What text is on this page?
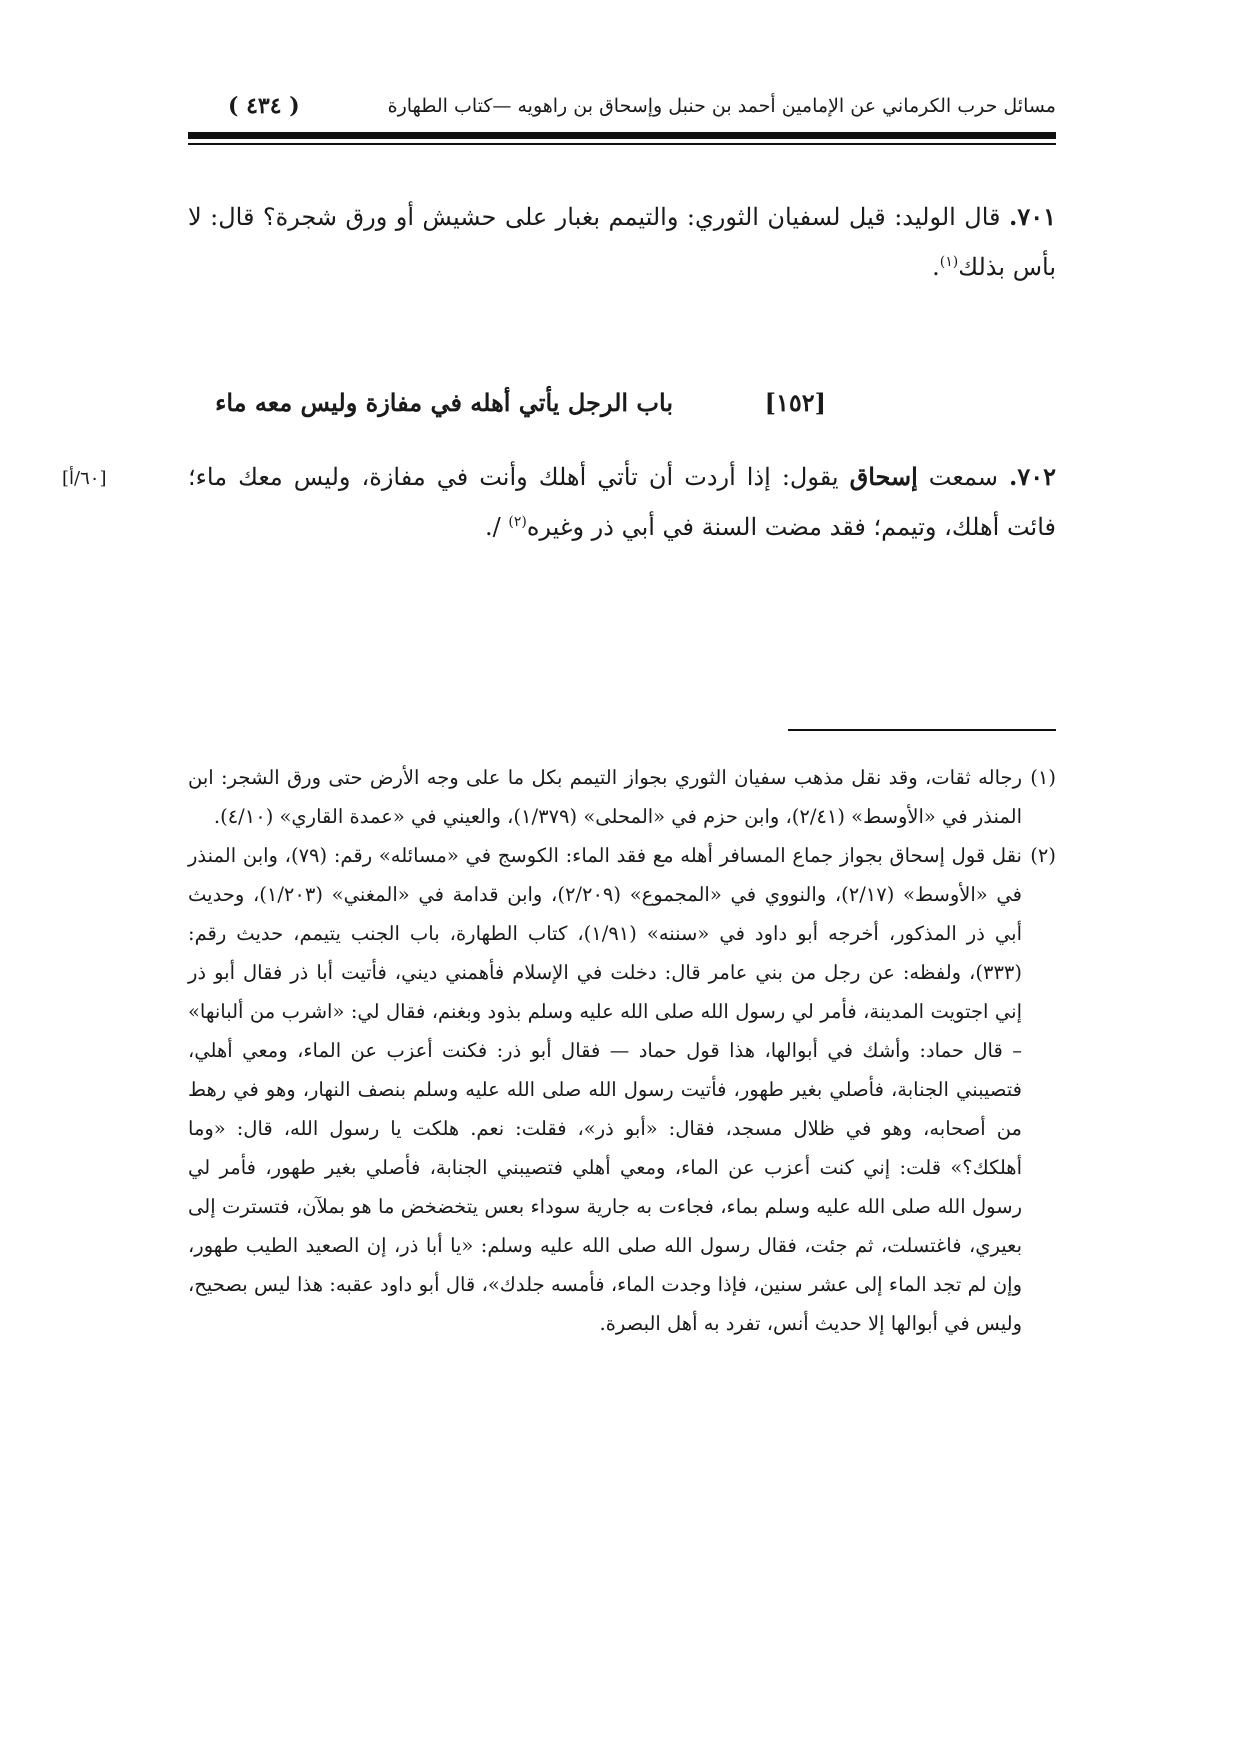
مسائل حرب الكرماني عن الإمامين أحمد بن حنبل وإسحاق بن راهويه —كتاب الطهارة
( ٤٣٤ )

٧٠١. قال الوليد: قيل لسفيان الثوري: والتيمم بغبار على حشيش أو ورق شجرة؟ قال: لا بأس بذلك$^{(١)}$.

[١٥٢]
باب الرجل يأتي أهله في مفازة وليس معه ماء
[٦٠/أ]	٧٠٢. سمعت إسحاق يقول: إذا أردت أن تأتي أهلك وأنت في مفازة، وليس معك ماء؛ فائت أهلك، وتيمم؛ فقد مضت السنة في أبي ذر وغيره$^{(٢)}$ /.

(١)رجاله ثقات، وقد نقل مذهب سفيان الثوري بجواز التيمم بكل ما على وجه الأرض حتى ورق الشجر: ابن المنذر في «الأوسط» (٢/٤١)، وابن حزم في «المحلى» (١/٣٧٩)، والعيني في «عمدة القاري» (٤/١٠).

(٢)نقل قول إسحاق بجواز جماع المسافر أهله مع فقد الماء: الكوسج في «مسائله» رقم: (٧٩)، وابن المنذر في «الأوسط» (٢/١٧)، والنووي في «المجموع» (٢/٢٠٩)، وابن قدامة في «المغني» (١/٢٠٣)، وحديث أبي ذر المذكور، أخرجه أبو داود في «سننه» (١/٩١)، كتاب الطهارة، باب الجنب يتيمم، حديث رقم: (٣٣٣)، ولفظه: عن رجل من بني عامر قال: دخلت في الإسلام فأهمني ديني، فأتيت أبا ذر فقال أبو ذر إني اجتويت المدينة، فأمر لي رسول الله صلى الله عليه وسلم بذود وبغنم، فقال لي: «اشرب من ألبانها» – قال حماد: وأشك في أبوالها، هذا قول حماد — فقال أبو ذر: فكنت أعزب عن الماء، ومعي أهلي، فتصيبني الجنابة، فأصلي بغير طهور، فأتيت رسول الله صلى الله عليه وسلم بنصف النهار، وهو في رهط من أصحابه، وهو في ظلال مسجد، فقال: «أبو ذر»، فقلت: نعم. هلكت يا رسول الله، قال: «وما أهلكك؟» قلت: إني كنت أعزب عن الماء، ومعي أهلي فتصيبني الجنابة، فأصلي بغير طهور، فأمر لي رسول الله صلى الله عليه وسلم بماء، فجاءت به جارية سوداء بعس يتخضخض ما هو بملآن، فتسترت إلى بعيري، فاغتسلت، ثم جئت، فقال رسول الله صلى الله عليه وسلم: «يا أبا ذر، إن الصعيد الطيب طهور، وإن لم تجد الماء إلى عشر سنين، فإذا وجدت الماء، فأمسه جلدك»، قال أبو داود عقبه: هذا ليس بصحيح، وليس في أبوالها إلا حديث أنس، تفرد به أهل البصرة.
